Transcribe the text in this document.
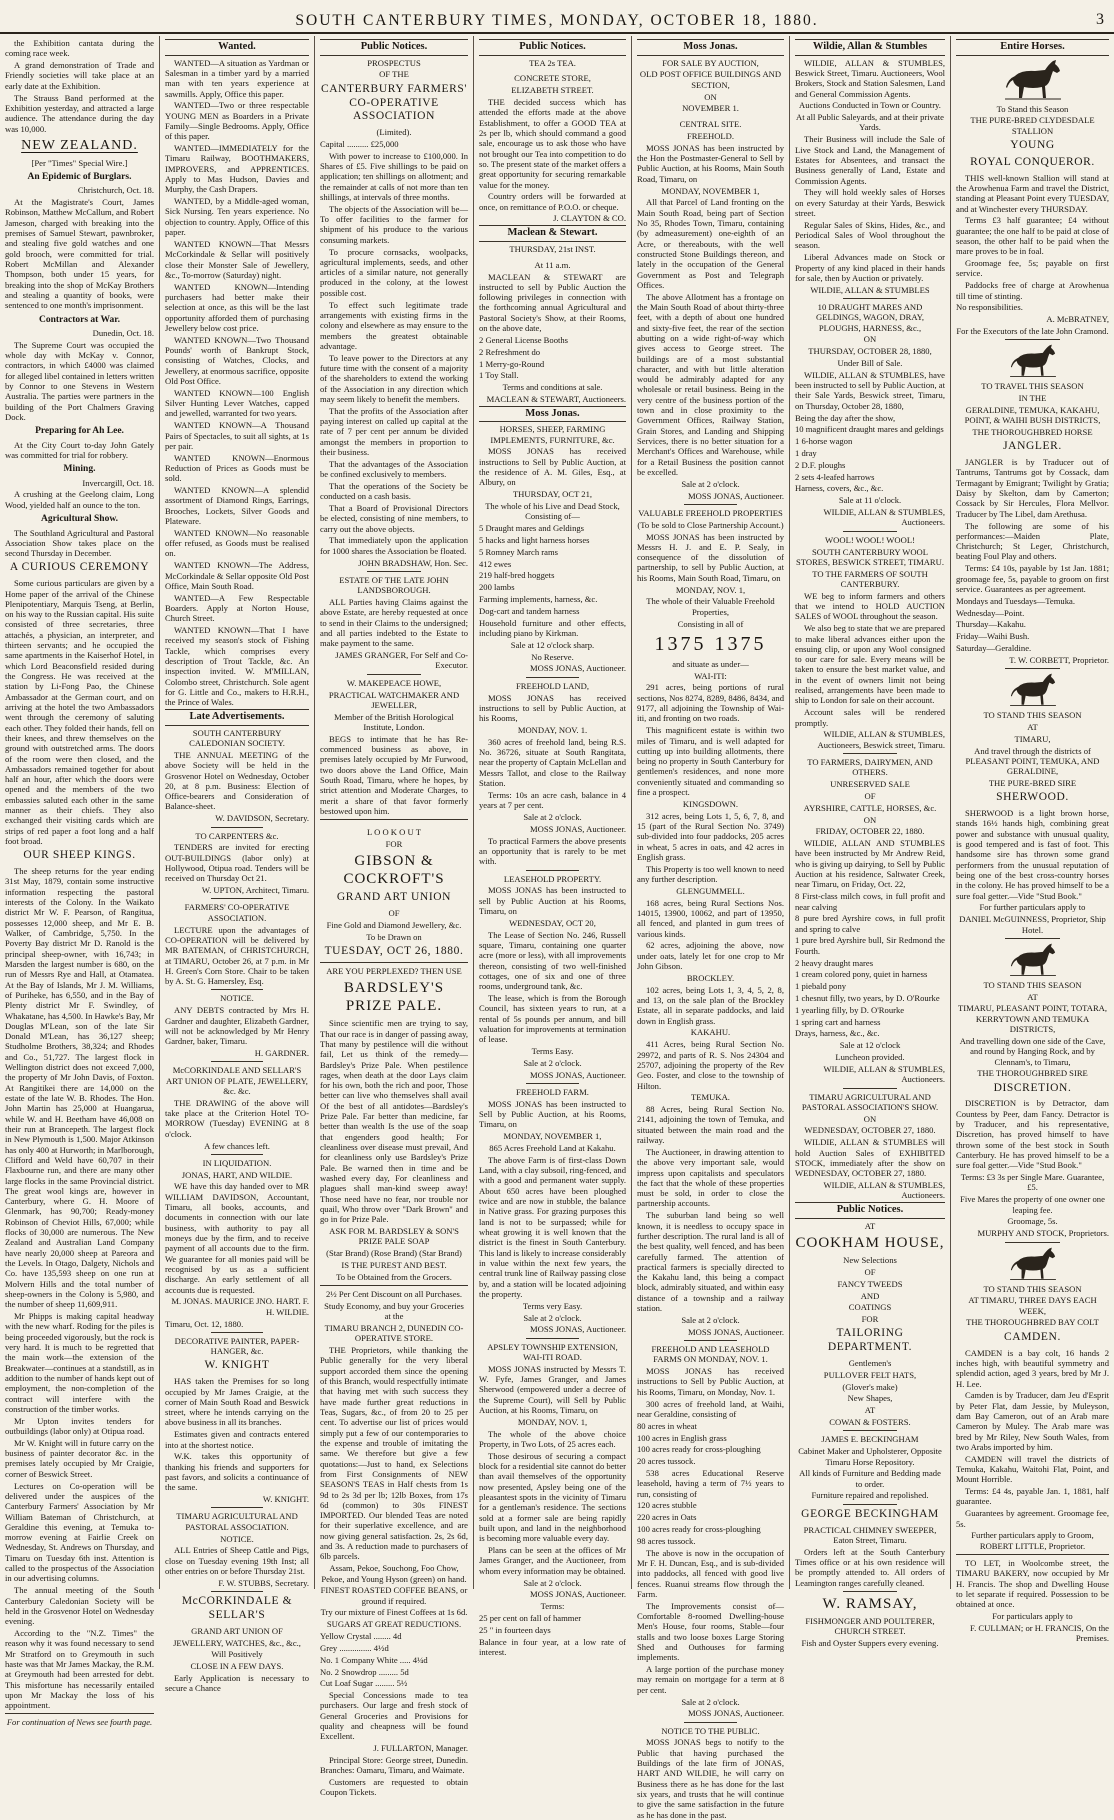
SOUTH CANTERBURY TIMES, MONDAY, OCTOBER 18, 1880.	3

the Exhibition cantata during the coming race week.

A grand demonstration of Trade and Friendly societies will take place at an early date at the Exhibition.

The Strauss Band performed at the Exhibition yesterday, and attracted a large audience. The attendance during the day was 10,000.

NEW ZEALAND.

[Per "Times" Special Wire.]

An Epidemic of Burglars.

Christchurch, Oct. 18.

At the Magistrate's Court, James Robinson, Matthew McCallum, and Robert Jameson, charged with breaking into the premises of Samuel Stewart, pawnbroker, and stealing five gold watches and one gold brooch, were committed for trial. Robert McMillan and Alexander Thompson, both under 15 years, for breaking into the shop of McKay Brothers and stealing a quantity of books, were sentenced to one month's imprisonment.

Contractors at War.

Dunedin, Oct. 18.

The Supreme Court was occupied the whole day with McKay v. Connor, contractors, in which £4000 was claimed for alleged libel contained in letters written by Connor to one Stevens in Western Australia. The parties were partners in the building of the Port Chalmers Graving Dock.

Preparing for Ah Lee.

At the City Court to-day John Gately was committed for trial for robbery.

Mining.

Invercargill, Oct. 18.

A crushing at the Geelong claim, Long Wood, yielded half an ounce to the ton.

Agricultural Show.

The Southland Agricultural and Pastoral Association Show takes place on the second Thursday in December.

A CURIOUS CEREMONY

Some curious particulars are given by a Home paper of the arrival of the Chinese Plenipotentiary, Marquis Tseng, at Berlin, on his way to the Russian capital. His suite consisted of three secretaries, three attachés, a physician, an interpreter, and thirteen servants; and he occupied the same apartments in the Kaiserhof Hotel, in which Lord Beaconsfield resided during the Congress. He was received at the station by Li-Fong Pao, the Chinese Ambassador at the German court, and on arriving at the hotel the two Ambassadors went through the ceremony of saluting each other. They folded their hands, fell on their knees, and threw themselves on the ground with outstretched arms. The doors of the room were then closed, and the Ambassadors remained together for about half an hour, after which the doors were opened and the members of the two embassies saluted each other in the same manner as their chiefs. They also exchanged their visiting cards which are strips of red paper a foot long and a half foot broad.

OUR SHEEP KINGS.

The sheep returns for the year ending 31st May, 1879, contain some instructive information respecting the pastoral interests of the Colony. In the Waikato district Mr W. F. Pearson, of Rangitua, possesses 12,000 sheep, and Mr E. B. Walker, of Cambridge, 5,750. In the Poverty Bay district Mr D. Ranold is the principal sheep-owner, with 16,743; in Marsden the largest number is 680, on the run of Messrs Rye and Hall, at Otamatea. At the Bay of Islands, Mr J. M. Williams, of Puriheke, has 6,550, and in the Bay of Plenty district Mr F. Swindley, of Whakatane, has 4,500. In Hawke's Bay, Mr Douglas M'Lean, son of the late Sir Donald M'Lean, has 36,127 sheep; Studholme Brothers, 38,324; and Rhodes and Co., 51,727. The largest flock in Wellington district does not exceed 7,000, the property of Mr John Davis, of Foxton. At Rangitikei there are 14,000 on the estate of the late W. B. Rhodes. The Hon. John Martin has 25,000 at Huangarua, while W. and H. Beetham have 46,008 on their run at Brancepeth. The largest flock in New Plymouth is 1,500. Major Atkinson has only 400 at Hurworth; in Marlborough, Clifford and Weld have 60,707 in their Flaxbourne run, and there are many other large flocks in the same Provincial district. The great wool kings are, however in Canterbury, where G. H. Moore of Glenmark, has 90,700; Ready-money Robinson of Cheviot Hills, 67,000; while flocks of 30,000 are numerous. The New Zealand and Australian Land Company have nearly 20,000 sheep at Pareora and the Levels. In Otago, Dalgety, Nichols and Co. have 135,593 sheep on one run at Molvern Hills and the total number of sheep-owners in the Colony is 5,980, and the number of sheep 11,609,911.

Mr Phipps is making capital headway with the new wharf. Roding for the piles is being proceeded vigorously, but the rock is very hard. It is much to be regretted that the main work—the extension of the Breakwater—continues at a standstill, as in addition to the number of hands kept out of employment, the non-completion of the contract will interfere with the construction of the timber works.

Mr Upton invites tenders for outbuildings (labor only) at Otipua road.

Mr W. Knight will in future carry on the business of painter decorator &c. in the premises lately occupied by Mr Craigie, corner of Beswick Street.

Lectures on Co-operation will be delivered under the auspices of the Canterbury Farmers' Association by Mr William Bateman of Christchurch, at Geraldine this evening, at Temuka to-morrow evening at Fairlie Creek on Wednesday, St. Andrews on Thursday, and Timaru on Tuesday 6th inst. Attention is called to the prospectus of the Association in our advertising columns.

The annual meeting of the South Canterbury Caledonian Society will be held in the Grosvenor Hotel on Wednesday evening.

According to the "N.Z. Times" the reason why it was found necessary to send Mr Stratford on to Greymouth in such haste was that Mr James Mackay, the R.M. at Greymouth had been arrested for debt. This misfortune has necessarily entailed upon Mr Mackay the loss of his appointment.

For continuation of News see fourth page.

Wanted.

WANTED—A situation as Yardman or Salesman in a timber yard by a married man with ten years experience at sawmills. Apply, Office this paper.

WANTED—Two or three respectable YOUNG MEN as Boarders in a Private Family—Single Bedrooms. Apply, Office of this paper.

WANTED—IMMEDIATELY for the Timaru Railway, BOOTHMAKERS, IMPROVERS, and APPRENTICES. Apply to Mas Hudson, Davies and Murphy, the Cash Drapers.

WANTED, by a Middle-aged woman, Sick Nursing. Ten years experience. No objection to country. Apply, Office of this paper.

WANTED KNOWN—That Messrs McCorkindale & Sellar will positively close their Monster Sale of Jewellery, &c., To-morrow (Saturday) night.

WANTED KNOWN—Intending purchasers had better make their selection at once, as this will be the last opportunity afforded them of purchasing Jewellery below cost price.

WANTED KNOWN—Two Thousand Pounds' worth of Bankrupt Stock, consisting of Watches, Clocks, and Jewellery, at enormous sacrifice, opposite Old Post Office.

WANTED KNOWN—100 English Silver Hunting Lever Watches, capped and jewelled, warranted for two years.

WANTED KNOWN—A Thousand Pairs of Spectacles, to suit all sights, at 1s per pair.

WANTED KNOWN—Enormous Reduction of Prices as Goods must be sold.

WANTED KNOWN—A splendid assortment of Diamond Rings, Earrings, Brooches, Lockets, Silver Goods and Plateware.

WANTED KNOWN—No reasonable offer refused, as Goods must be realised on.

WANTED KNOWN—The Address, McCorkindale & Sellar opposite Old Post Office, Main South Road.

WANTED—A Few Respectable Boarders. Apply at Norton House, Church Street.

WANTED KNOWN—That I have received my season's stock of Fishing Tackle, which comprises every description of Trout Tackle, &c. An inspection invited. W. M'MILLAN, Colombo street, Christchurch. Sole agent for G. Little and Co., makers to H.R.H., the Prince of Wales.

Late Advertisements.

SOUTH CANTERBURY CALEDONIAN SOCIETY.

THE ANNUAL MEETING of the above Society will be held in the Grosvenor Hotel on Wednesday, October 20, at 8 p.m. Business: Election of Office-bearers and Consideration of Balance-sheet.

W. DAVIDSON, Secretary.

TO CARPENTERS &c.

TENDERS are invited for erecting OUT-BUILDINGS (labor only) at Hollywood, Otipua road. Tenders will be received on Thursday Oct 21.

W. UPTON, Architect, Timaru.

FARMERS' CO-OPERATIVE ASSOCIATION.

LECTURE upon the advantages of CO-OPERATION will be delivered by MR BATEMAN, of CHRISTCHURCH, at TIMARU, October 26, at 7 p.m. in Mr H. Green's Corn Store. Chair to be taken by A. St. G. Hamersley, Esq.

NOTICE.

ANY DEBTS contracted by Mrs H. Gardner and daughter, Elizabeth Gardner, will not be acknowledged by Mr Henry Gardner, baker, Timaru.

H. GARDNER.

McCORKINDALE AND SELLAR'S ART UNION OF PLATE, JEWELLERY, &c. &c.

THE DRAWING of the above will take place at the Criterion Hotel TO-MORROW (Tuesday) EVENING at 8 o'clock.

A few chances left.

IN LIQUIDATION.

JONAS, HART, AND WILDIE.

WE have this day handed over to MR WILLIAM DAVIDSON, Accountant, Timaru, all books, accounts, and documents in connection with our late business, with authority to pay all moneys due by the firm, and to receive payment of all accounts due to the firm. We guarantee for all monies paid will be recognised by us as a sufficient discharge. An early settlement of all accounts due is requested.

M. JONAS. MAURICE JNO. HART. F. H. WILDIE.

Timaru, Oct. 12, 1880.

DECORATIVE PAINTER, PAPER-HANGER, &c.

W. KNIGHT

HAS taken the Premises for so long occupied by Mr James Craigie, at the corner of Main South Road and Beswick street, where he intends carrying on the above business in all its branches.

Estimates given and contracts entered into at the shortest notice.

W.K. takes this opportunity of thanking his friends and supporters for past favors, and solicits a continuance of the same.

W. KNIGHT.

TIMARU AGRICULTURAL AND PASTORAL ASSOCIATION.

NOTICE.

ALL Entries of Sheep Cattle and Pigs, close on Tuesday evening 19th Inst; all other entries on or before Thursday 21st.

F. W. STUBBS, Secretary.

McCORKINDALE & SELLAR'S

GRAND ART UNION OF

JEWELLERY, WATCHES, &c., &c.,

Will Positively

CLOSE IN A FEW DAYS.

Early Application is necessary to secure a Chance

Public Notices.

PROSPECTUS

OF THE

CANTERBURY FARMERS' CO-OPERATIVE ASSOCIATION

(Limited).

Capital .......... £25,000

With power to increase to £100,000. In Shares of £5. Five shillings to be paid on application; ten shillings on allotment; and the remainder at calls of not more than ten shillings, at intervals of three months.

The objects of the Association will be—To offer facilities to the farmer for shipment of his produce to the various consuming markets.

To procure cornsacks, woolpacks, agricultural implements, seeds, and other articles of a similar nature, not generally produced in the colony, at the lowest possible cost.

To effect such legitimate trade arrangements with existing firms in the colony and elsewhere as may ensure to the members the greatest obtainable advantage.

To leave power to the Directors at any future time with the consent of a majority of the shareholders to extend the working of the Association in any direction which may seem likely to benefit the members.

That the profits of the Association after paying interest on called up capital at the rate of 7 per cent per annum be divided amongst the members in proportion to their business.

That the advantages of the Association be confined exclusively to members.

That the operations of the Society be conducted on a cash basis.

That a Board of Provisional Directors be elected, consisting of nine members, to carry out the above objects.

That immediately upon the application for 1000 shares the Association be floated.

JOHN BRADSHAW, Hon. Sec.

ESTATE OF THE LATE JOHN LANDSBOROUGH.

ALL Parties having Claims against the above Estate, are hereby requested at once to send in their Claims to the undersigned; and all parties indebted to the Estate to make payment to the same.

JAMES GRANGER, For Self and Co-Executor.

W. MAKEPEACE HOWE,

PRACTICAL WATCHMAKER AND JEWELLER,

Member of the British Horological Institute, London.

BEGS to intimate that he has Re-commenced business as above, in premises lately occupied by Mr Furwood, two doors above the Land Office, Main South Road, Timaru, where he hopes, by strict attention and Moderate Charges, to merit a share of that favor formerly bestowed upon him.

L O O K O U T

FOR

GIBSON & COCKROFT'S
GRAND ART UNION

OF

Fine Gold and Diamond Jewellery, &c.

To be Drawn on

TUESDAY, OCT 26, 1880.

ARE YOU PERPLEXED? THEN USE

BARDSLEY'S PRIZE PALE.

Since scientific men are trying to say, That our race is in danger of passing away, That many by pestilence will die without fail, Let us think of the remedy—Bardsley's Prize Pale. When pestilence rages, when death at the door Lays claim for his own, both the rich and poor, Those better can live who themselves shall avail Of the best of all antidotes—Bardsley's Prize Pale. Far better than medicine, far better than wealth Is the use of the soap that engenders good health; For cleanliness over disease must prevail, And for cleanliness only use Bardsley's Prize Pale. Be warned then in time and be washed every day, For cleanliness and plagues shall man-kind sweep away! Those need have no fear, nor trouble nor quail, Who throw over "Dark Brown" and go in for Prize Pale.

ASK FOR M. BARDSLEY & SON'S PRIZE PALE SOAP

(Star Brand) (Rose Brand) (Star Brand)

IS THE PUREST AND BEST.

To be Obtained from the Grocers.

2½ Per Cent Discount on all Purchases.

Study Economy, and buy your Groceries at the

TIMARU BRANCH 2, DUNEDIN CO-OPERATIVE STORE.

THE Proprietors, while thanking the Public generally for the very liberal support accorded them since the opening of this Branch, would respectfully intimate that having met with such success they have made further great reductions in Teas, Sugars, &c., of from 20 to 25 per cent. To advertise our list of prices would simply put a few of our contemporaries to the expense and trouble of imitating the same. We therefore but give a few quotations:—Just to hand, ex Selections from First Consignments of NEW SEASON'S TEAS in Half chests from 1s 9d to 2s 3d per lb; 12lb Boxes, from 17s 6d (common) to 30s FINEST IMPORTED. Our blended Teas are noted for their superlative excellence, and are now giving general satisfaction. 2s, 2s 6d, and 3s. A reduction made to purchasers of 6lb parcels.

Assam, Pekoe, Souchong, Foo Chow, Pekoe, and Young Hyson (green) on hand.

FINEST ROASTED COFFEE BEANS, or ground if required.

Try our mixture of Finest Coffees at 1s 6d.

SUGARS AT GREAT REDUCTIONS.

Yellow Crystal ........ 4d

Grey ............... 4½d

No. 1 Company White ..... 4¼d

No. 2 Snowdrop ......... 5d

Cut Loaf Sugar ......... 5½

Special Concessions made to tea purchasers. Our large and fresh stock of General Groceries and Provisions for quality and cheapness will be found Excellent.

J. FULLARTON, Manager.

Principal Store: George street, Dunedin. Branches: Oamaru, Timaru, and Waimate.

Customers are requested to obtain Coupon Tickets.

Public Notices.

TEA 2s TEA.

CONCRETE STORE,

ELIZABETH STREET.

THE decided success which has attended the efforts made at the above Establishment, to offer a GOOD TEA at 2s per lb, which should command a good sale, encourage us to ask those who have not brought our Tea into competition to do so. The present state of the market offers a great opportunity for securing remarkable value for the money.

Country orders will be forwarded at once, on remittance of P.O.O. or cheque.

J. CLAYTON & CO.

Maclean & Stewart.

THURSDAY, 21st INST.

At 11 a.m.

MACLEAN & STEWART are instructed to sell by Public Auction the following privileges in connection with the forthcoming annual Agricultural and Pastoral Society's Show, at their Rooms, on the above date,

2 General License Booths

2 Refreshment do

1 Merry-go-Round

1 Toy Stall.

Terms and conditions at sale.

MACLEAN & STEWART, Auctioneers.

Moss Jonas.

HORSES, SHEEP, FARMING IMPLEMENTS, FURNITURE, &c.

MOSS JONAS has received instructions to Sell by Public Auction, at the residence of A. M. Giles, Esq., at Albury, on

THURSDAY, OCT 21,

The whole of his Live and Dead Stock, Consisting of—

5 Draught mares and Geldings

5 hacks and light harness horses

5 Romney March rams

412 ewes

219 half-bred hoggets

200 lambs

Farming implements, harness, &c.

Dog-cart and tandem harness

Household furniture and other effects, including piano by Kirkman.

Sale at 12 o'clock sharp.

No Reserve.

MOSS JONAS, Auctioneer.

FREEHOLD LAND,

MOSS JONAS has received instructions to sell by Public Auction, at his Rooms,

MONDAY, NOV. 1.

360 acres of freehold land, being R.S. No. 36726, situate at South Rangitata, near the property of Captain McLellan and Messrs Tallot, and close to the Railway Station.

Terms: 10s an acre cash, balance in 4 years at 7 per cent.

Sale at 2 o'clock.

MOSS JONAS, Auctioneer.

To practical Farmers the above presents an opportunity that is rarely to be met with.

LEASEHOLD PROPERTY.

MOSS JONAS has been instructed to sell by Public Auction at his Rooms, Timaru, on

WEDNESDAY, OCT 20,

The Lease of Section No. 246, Russell square, Timaru, containing one quarter acre (more or less), with all improvements thereon, consisting of two well-finished cottages, one of six and one of three rooms, underground tank, &c.

The lease, which is from the Borough Council, has sixteen years to run, at a rental of 5s pounds per annum, and bill valuation for improvements at termination of lease.

Terms Easy.

Sale at 2 o'clock.

MOSS JONAS, Auctioneer.

FREEHOLD FARM.

MOSS JONAS has been instructed to Sell by Public Auction, at his Rooms, Timaru, on

MONDAY, NOVEMBER 1,

865 Acres Freehold Land at Kakahu.

The above Farm is of first-class Down Land, with a clay subsoil, ring-fenced, and with a good and permanent water supply. About 650 acres have been ploughed twice and are now in stubble, the balance in Native grass. For grazing purposes this land is not to be surpassed; while for wheat growing it is well known that the district is the finest in South Canterbury. This land is likely to increase considerably in value within the next few years, the central trunk line of Railway passing close by, and a station will be located adjoining the property.

Terms very Easy.

Sale at 2 o'clock.

MOSS JONAS, Auctioneer.

APSLEY TOWNSHIP EXTENSION, WAI-ITI ROAD.

MOSS JONAS instructed by Messrs T. W. Fyfe, James Granger, and James Sherwood (empowered under a decree of the Supreme Court), will Sell by Public Auction, at his Rooms, Timaru, on

MONDAY, NOV. 1,

The whole of the above choice Property, in Two Lots, of 25 acres each.

Those desirous of securing a compact block for a residential site cannot do better than avail themselves of the opportunity now presented, Apsley being one of the pleasantest spots in the vicinity of Timaru for a gentleman's residence. The sections sold at a former sale are being rapidly built upon, and land in the neighborhood is becoming more valuable every day.

Plans can be seen at the offices of Mr James Granger, and the Auctioneer, from whom every information may be obtained.

Sale at 2 o'clock.

MOSS JONAS, Auctioneer.

Terms:

25 per cent on fall of hammer

25 " in fourteen days

Balance in four year, at a low rate of interest.

Moss Jonas.

FOR SALE BY AUCTION,

OLD POST OFFICE BUILDINGS AND SECTION,

ON

NOVEMBER 1.

CENTRAL SITE.

FREEHOLD.

MOSS JONAS has been instructed by the Hon the Postmaster-General to Sell by Public Auction, at his Rooms, Main South Road, Timaru, on

MONDAY, NOVEMBER 1,

All that Parcel of Land fronting on the Main South Road, being part of Section No 35, Rhodes Town, Timaru, containing (by admeasurement) one-eighth of an Acre, or thereabouts, with the well constructed Stone Buildings thereon, and lately in the occupation of the General Government as Post and Telegraph Offices.

The above Allotment has a frontage on the Main South Road of about thirty-three feet, with a depth of about one hundred and sixty-five feet, the rear of the section abutting on a wide right-of-way which gives access to George street. The buildings are of a most substantial character, and with but little alteration would be admirably adapted for any wholesale or retail business. Being in the very centre of the business portion of the town and in close proximity to the Government Offices, Railway Station, Grain Stores, and Landing and Shipping Services, there is no better situation for a Merchant's Offices and Warehouse, while for a Retail Business the position cannot be excelled.

Sale at 2 o'clock.

MOSS JONAS, Auctioneer.

VALUABLE FREEHOLD PROPERTIES

(To be sold to Close Partnership Account.)

MOSS JONAS has been instructed by Messrs H. J. and E. P. Sealy, in consequence of the dissolution of partnership, to sell by Public Auction, at his Rooms, Main South Road, Timaru, on

MONDAY, NOV. 1,

The whole of their Valuable Freehold Properties,

Consisting in all of

1375 1375

and situate as under—

WAI-ITI:

291 acres, being portions of rural sections, Nos 8274, 8289, 8486, 8434, and 9177, all adjoining the Township of Wai-iti, and fronting on two roads.

This magnificent estate is within two miles of Timaru, and is well adapted for cutting up into building allotments, there being no property in South Canterbury for gentlemen's residences, and none more conveniently situated and commanding so fine a prospect.

KINGSDOWN.

312 acres, being Lots 1, 5, 6, 7, 8, and 15 (part of the Rural Section No. 3749) sub-divided into four paddocks, 205 acres in wheat, 5 acres in oats, and 42 acres in English grass.

This Property is too well known to need any further description.

GLENGUMMELL.

168 acres, being Rural Sections Nos. 14015, 13900, 10062, and part of 13950, all fenced, and planted in gum trees of various kinds.

62 acres, adjoining the above, now under oats, lately let for one crop to Mr John Gibson.

BROCKLEY.

102 acres, being Lots 1, 3, 4, 5, 2, 8, and 13, on the sale plan of the Brockley Estate, all in separate paddocks, and laid down in English grass.

KAKAHU.

411 Acres, being Rural Section No. 29972, and parts of R. S. Nos 24304 and 25707, adjoining the property of the Rev Geo. Foster, and close to the township of Hilton.

TEMUKA.

88 Acres, being Rural Section No. 2141, adjoining the town of Temuka, and situated between the main road and the railway.

The Auctioneer, in drawing attention to the above very important sale, would impress upon capitalists and speculators the fact that the whole of these properties must be sold, in order to close the partnership accounts.

The suburban land being so well known, it is needless to occupy space in further description. The rural land is all of the best quality, well fenced, and has been carefully farmed. The attention of practical farmers is specially directed to the Kakahu land, this being a compact block, admirably situated, and within easy distance of a township and a railway station.

Sale at 2 o'clock.

MOSS JONAS, Auctioneer.

FREEHOLD AND LEASEHOLD FARMS ON MONDAY, NOV. 1.

MOSS JONAS has received instructions to Sell by Public Auction, at his Rooms, Timaru, on Monday, Nov. 1.

300 acres of freehold land, at Waihi, near Geraldine, consisting of

80 acres in wheat

100 acres in English grass

100 acres ready for cross-ploughing

20 acres tussock.

538 acres Educational Reserve leasehold, having a term of 7½ years to run, consisting of

120 acres stubble

220 acres in Oats

100 acres ready for cross-ploughing

98 acres tussock.

The above is now in the occupation of Mr F. H. Duncan, Esq., and is sub-divided into paddocks, all fenced with good live fences. Ruanui streams flow through the Farm.

The Improvements consist of—Comfortable 8-roomed Dwelling-house Men's House, four rooms, Stable—four stalls and two loose boxes Large Storing Shed and Outhouses for farming implements.

A large portion of the purchase money may remain on mortgage for a term at 8 per cent.

Sale at 2 o'clock.

MOSS JONAS, Auctioneer.

NOTICE TO THE PUBLIC.

MOSS JONAS begs to notify to the Public that having purchased the Buildings of the late firm of JONAS, HART AND WILDIE, he will carry on Business there as he has done for the last six years, and trusts that he will continue to give the same satisfaction in the future as he has done in the past.

Wildie, Allan & Stumbles

WILDIE, ALLAN & STUMBLES, Beswick Street, Timaru. Auctioneers, Wool Brokers, Stock and Station Salesmen, Land and General Commission Agents.

Auctions Conducted in Town or Country.

At all Public Saleyards, and at their private Yards.

Their Business will include the Sale of Live Stock and Land, the Management of Estates for Absentees, and transact the Business generally of Land, Estate and Commission Agents.

They will hold weekly sales of Horses on every Saturday at their Yards, Beswick street.

Regular Sales of Skins, Hides, &c., and Periodical Sales of Wool throughout the season.

Liberal Advances made on Stock or Property of any kind placed in their hands for sale, then by Auction or privately.

WILDIE, ALLAN & STUMBLES

10 DRAUGHT MARES AND GELDINGS, WAGON, DRAY, PLOUGHS, HARNESS, &c.,

ON

THURSDAY, OCTOBER 28, 1880,

Under Bill of Sale.

WILDIE, ALLAN & STUMBLES, have been instructed to sell by Public Auction, at their Sale Yards, Beswick street, Timaru, on Thursday, October 28, 1880,

Being the day after the show,

10 magnificent draught mares and geldings

1 6-horse wagon

1 dray

2 D.F. ploughs

2 sets 4-leafed harrows

Harness, covers, &c., &c.

Sale at 11 o'clock.

WILDIE, ALLAN & STUMBLES, Auctioneers.

WOOL! WOOL! WOOL!

SOUTH CANTERBURY WOOL STORES, BESWICK STREET, TIMARU.

TO THE FARMERS OF SOUTH CANTERBURY.

WE beg to inform farmers and others that we intend to HOLD AUCTION SALES of WOOL throughout the season.

We also beg to state that we are prepared to make liberal advances either upon the ensuing clip, or upon any Wool consigned to our care for sale. Every means will be taken to ensure the best market value, and in the event of owners limit not being realised, arrangements have been made to ship to London for sale on their account.

Account sales will be rendered promptly.

WILDIE, ALLAN & STUMBLES, Auctioneers, Beswick street, Timaru.

TO FARMERS, DAIRYMEN, AND OTHERS.

UNRESERVED SALE

OF

AYRSHIRE, CATTLE, HORSES, &c.

ON

FRIDAY, OCTOBER 22, 1880.

WILDIE, ALLAN AND STUMBLES have been instructed by Mr Andrew Reid, who is giving up dairying, to Sell by Public Auction at his residence, Saltwater Creek, near Timaru, on Friday, Oct. 22,

8 First-class milch cows, in full profit and near calving

8 pure bred Ayrshire cows, in full profit and spring to calve

1 pure bred Ayrshire bull, Sir Redmond the Fourth.

2 heavy draught mares

1 cream colored pony, quiet in harness

1 piebald pony

1 chesnut filly, two years, by D. O'Rourke

1 yearling filly, by D. O'Rourke

1 spring cart and harness

Drays, harness, &c., &c.

Sale at 12 o'clock

Luncheon provided.

WILDIE, ALLAN & STUMBLES, Auctioneers.

TIMARU AGRICULTURAL AND PASTORAL ASSOCIATION'S SHOW.

ON

WEDNESDAY, OCTOBER 27, 1880.

WILDIE, ALLAN & STUMBLES will hold Auction Sales of EXHIBITED STOCK, immediately after the show on WEDNESDAY, OCTOBER 27, 1880.

WILDIE, ALLAN & STUMBLES, Auctioneers.

Public Notices.

AT

COOKHAM HOUSE,

New Selections

OF

FANCY TWEEDS

AND

COATINGS

FOR

TAILORING DEPARTMENT.

Gentlemen's

PULLOVER FELT HATS,

(Glover's make)

New Shapes,

AT

COWAN & FOSTERS.

JAMES E. BECKINGHAM

Cabinet Maker and Upholsterer, Opposite Timaru Horse Repository.

All kinds of Furniture and Bedding made to order.

Furniture repaired and repolished.

GEORGE BECKINGHAM

PRACTICAL CHIMNEY SWEEPER, Eaton Street, Timaru.

Orders left at the South Canterbury Times office or at his own residence will be promptly attended to. All orders of Leamington ranges carefully cleaned.

W. RAMSAY,

FISHMONGER AND POULTERER, CHURCH STREET.

Fish and Oyster Suppers every evening.

Entire Horses.

To Stand this Season

THE PURE-BRED CLYDESDALE STALLION

YOUNG
ROYAL CONQUEROR.

THIS well-known Stallion will stand at the Arowhenua Farm and travel the District, standing at Pleasant Point every TUESDAY, and at Winchester every THURSDAY.

Terms £3 half guarantee; £4 without guarantee; the one half to be paid at close of season, the other half to be paid when the mare proves to be in foal.

Groomage fee, 5s; payable on first service.

Paddocks free of charge at Arowhenua till time of stinting.

No responsibilities.

A. McBRATNEY,

For the Executors of the late John Cramond.

TO TRAVEL THIS SEASON

IN THE

GERALDINE, TEMUKA, KAKAHU, POINT, & WAIHI BUSH DISTRICTS,

THE THOROUGHBRED HORSE

JANGLER.

JANGLER is by Traducer out of Tantrums, Tantrums got by Cossack, dam Termagant by Emigrant; Twilight by Gratia; Daisy by Skelton, dam by Camerton; Cossack by Sir Hercules, Flora Mellvor. Traducer by The Libel, dam Arethusa.

The following are some of his performances:—Maiden Plate, Christchurch; St Leger, Christchurch, beating Foul Play and others.

Terms: £4 10s, payable by 1st Jan. 1881; groomage fee, 5s, payable to groom on first service. Guarantees as per agreement.

Mondays and Tuesdays—Temuka.

Wednesday—Point.

Thursday—Kakahu.

Friday—Waihi Bush.

Saturday—Geraldine.

T. W. CORBETT, Proprietor.

TO STAND THIS SEASON

AT

TIMARU,

And travel through the districts of PLEASANT POINT, TEMUKA, AND GERALDINE,

THE PURE-BRED SIRE

SHERWOOD.

SHERWOOD is a light brown horse, stands 16½ hands high, combining great power and substance with unusual quality, is good tempered and is fast of foot. This handsome sire has thrown some grand performers from the unusual reputation of being one of the best cross-country horses in the colony. He has proved himself to be a sure foal getter.—Vide "Stud Book."

For further particulars apply to

DANIEL McGUINNESS, Proprietor, Ship Hotel.

TO STAND THIS SEASON

AT

TIMARU, PLEASANT POINT, TOTARA, KERRYTOWN AND TEMUKA DISTRICTS,

And travelling down one side of the Cave, and round by Hanging Rock, and by Clennam's, to Timaru,

THE THOROUGHBRED SIRE

DISCRETION.

DISCRETION is by Detractor, dam Countess by Peer, dam Fancy. Detractor is by Traducer, and his representative, Discretion, has proved himself to have thrown some of the best stock in South Canterbury. He has proved himself to be a sure foal getter.—Vide "Stud Book."

Terms: £3 3s per Single Mare. Guarantee, £5.

Five Mares the property of one owner one leaping fee.

Groomage, 5s.

MURPHY AND STOCK, Proprietors.

TO STAND THIS SEASON

AT TIMARU, THREE DAYS EACH WEEK,

THE THOROUGHBRED BAY COLT

CAMDEN.

CAMDEN is a bay colt, 16 hands 2 inches high, with beautiful symmetry and splendid action, aged 3 years, bred by Mr J. H. Lee.

Camden is by Traducer, dam Jeu d'Esprit by Peter Flat, dam Jessie, by Muleyson, dam Bay Cameron, out of an Arab mare Cameron by Muley. The Arab mare was bred by Mr Riley, New South Wales, from two Arabs imported by him.

CAMDEN will travel the districts of Temuka, Kakahu, Waitohi Flat, Point, and Mount Horrible.

Terms: £4 4s, payable Jan. 1, 1881, half guarantee.

Guarantees by agreement. Groomage fee, 5s.

Further particulars apply to Groom, ROBERT LITTLE, Proprietor.

TO LET, in Woolcombe street, the TIMARU BAKERY, now occupied by Mr H. Francis. The shop and Dwelling House to let separate if required. Possession to be obtained at once.

For particulars apply to

F. CULLMAN; or H. FRANCIS, On the Premises.
